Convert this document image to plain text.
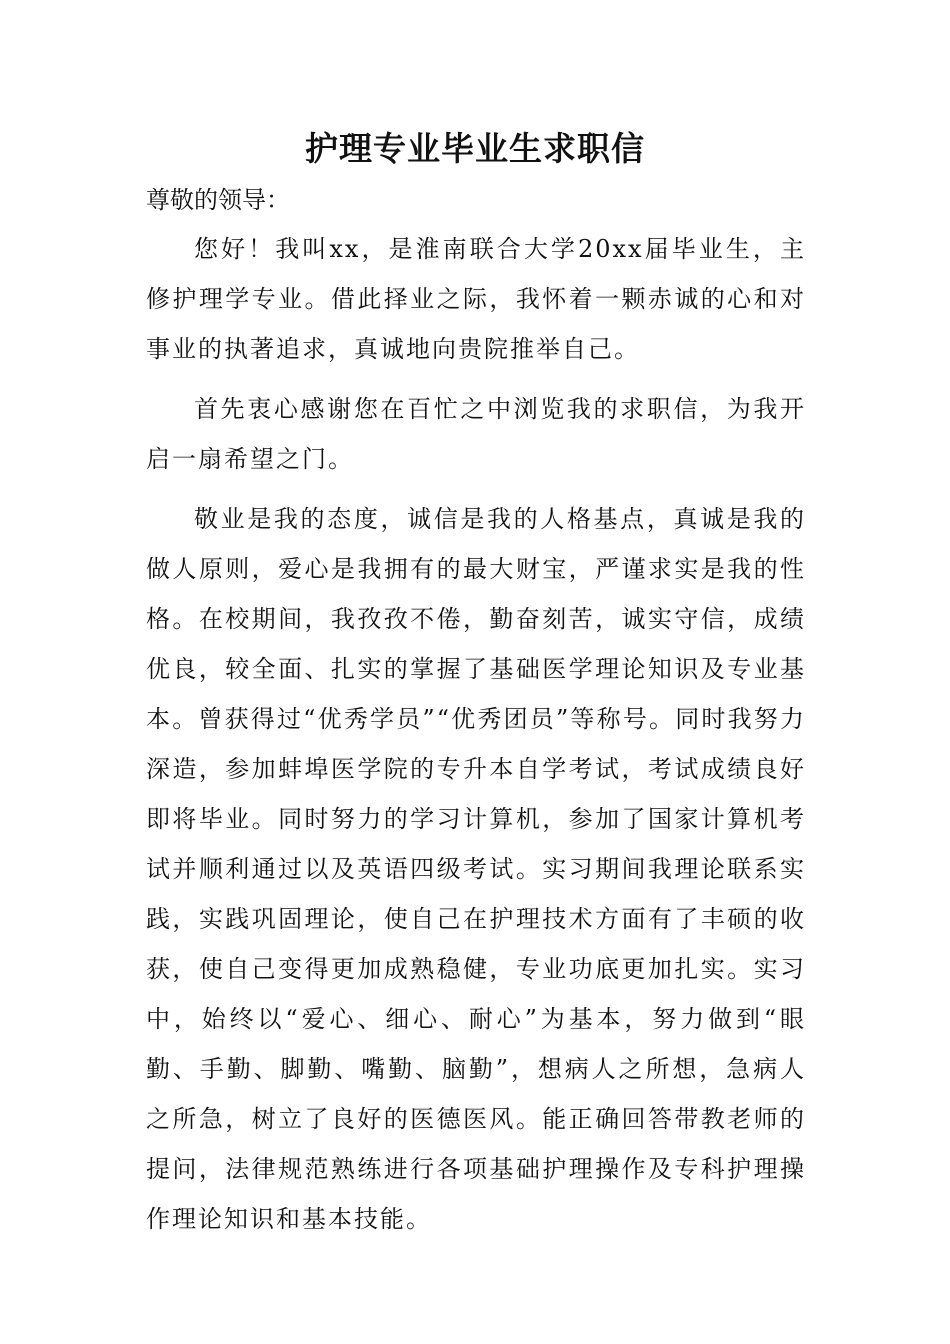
护理专业毕业生求职信

尊敬的领导：

您好！我叫xx，是淮南联合大学20xx届毕业生，主修护理学专业。借此择业之际，我怀着一颗赤诚的心和对事业的执著追求，真诚地向贵院推举自己。

首先衷心感谢您在百忙之中浏览我的求职信，为我开启一扇希望之门。

敬业是我的态度，诚信是我的人格基点，真诚是我的做人原则，爱心是我拥有的最大财宝，严谨求实是我的性格。在校期间，我孜孜不倦，勤奋刻苦，诚实守信，成绩优良，较全面、扎实的掌握了基础医学理论知识及专业基本。曾获得过“优秀学员”“优秀团员”等称号。同时我努力深造，参加蚌埠医学院的专升本自学考试，考试成绩良好即将毕业。同时努力的学习计算机，参加了国家计算机考试并顺利通过以及英语四级考试。实习期间我理论联系实践，实践巩固理论，使自己在护理技术方面有了丰硕的收获，使自己变得更加成熟稳健，专业功底更加扎实。实习中，始终以“爱心、细心、耐心”为基本，努力做到“眼勤、手勤、脚勤、嘴勤、脑勤”，想病人之所想，急病人之所急，树立了良好的医德医风。能正确回答带教老师的提问，法律规范熟练进行各项基础护理操作及专科护理操作理论知识和基本技能。
